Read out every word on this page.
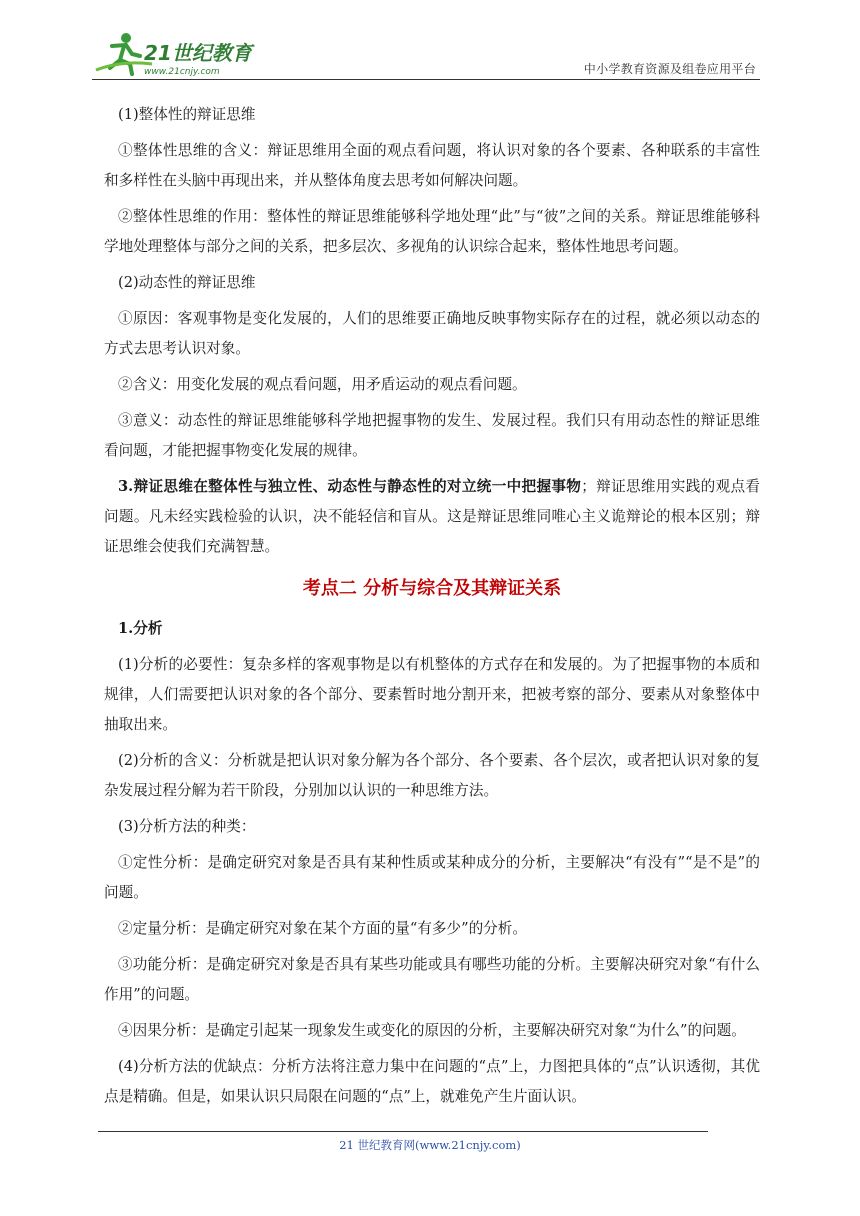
21世纪教育
www.21cnjy.com	中小学教育资源及组卷应用平台

(1)整体性的辩证思维

①整体性思维的含义：辩证思维用全面的观点看问题，将认识对象的各个要素、各种联系的丰富性和多样性在头脑中再现出来，并从整体角度去思考如何解决问题。

②整体性思维的作用：整体性的辩证思维能够科学地处理“此”与“彼”之间的关系。辩证思维能够科学地处理整体与部分之间的关系，把多层次、多视角的认识综合起来，整体性地思考问题。

(2)动态性的辩证思维

①原因：客观事物是变化发展的，人们的思维要正确地反映事物实际存在的过程，就必须以动态的方式去思考认识对象。

②含义：用变化发展的观点看问题，用矛盾运动的观点看问题。

③意义：动态性的辩证思维能够科学地把握事物的发生、发展过程。我们只有用动态性的辩证思维看问题，才能把握事物变化发展的规律。

3.辩证思维在整体性与独立性、动态性与静态性的对立统一中把握事物；辩证思维用实践的观点看问题。凡未经实践检验的认识，决不能轻信和盲从。这是辩证思维同唯心主义诡辩论的根本区别；辩证思维会使我们充满智慧。

考点二 分析与综合及其辩证关系

1.分析

(1)分析的必要性：复杂多样的客观事物是以有机整体的方式存在和发展的。为了把握事物的本质和规律，人们需要把认识对象的各个部分、要素暂时地分割开来，把被考察的部分、要素从对象整体中抽取出来。

(2)分析的含义：分析就是把认识对象分解为各个部分、各个要素、各个层次，或者把认识对象的复杂发展过程分解为若干阶段，分别加以认识的一种思维方法。

(3)分析方法的种类：

①定性分析：是确定研究对象是否具有某种性质或某种成分的分析，主要解决“有没有”“是不是”的问题。

②定量分析：是确定研究对象在某个方面的量“有多少”的分析。

③功能分析：是确定研究对象是否具有某些功能或具有哪些功能的分析。主要解决研究对象“有什么作用”的问题。

④因果分析：是确定引起某一现象发生或变化的原因的分析，主要解决研究对象“为什么”的问题。

(4)分析方法的优缺点：分析方法将注意力集中在问题的“点”上，力图把具体的“点”认识透彻，其优点是精确。但是，如果认识只局限在问题的“点”上，就难免产生片面认识。

21 世纪教育网(www.21cnjy.com)
